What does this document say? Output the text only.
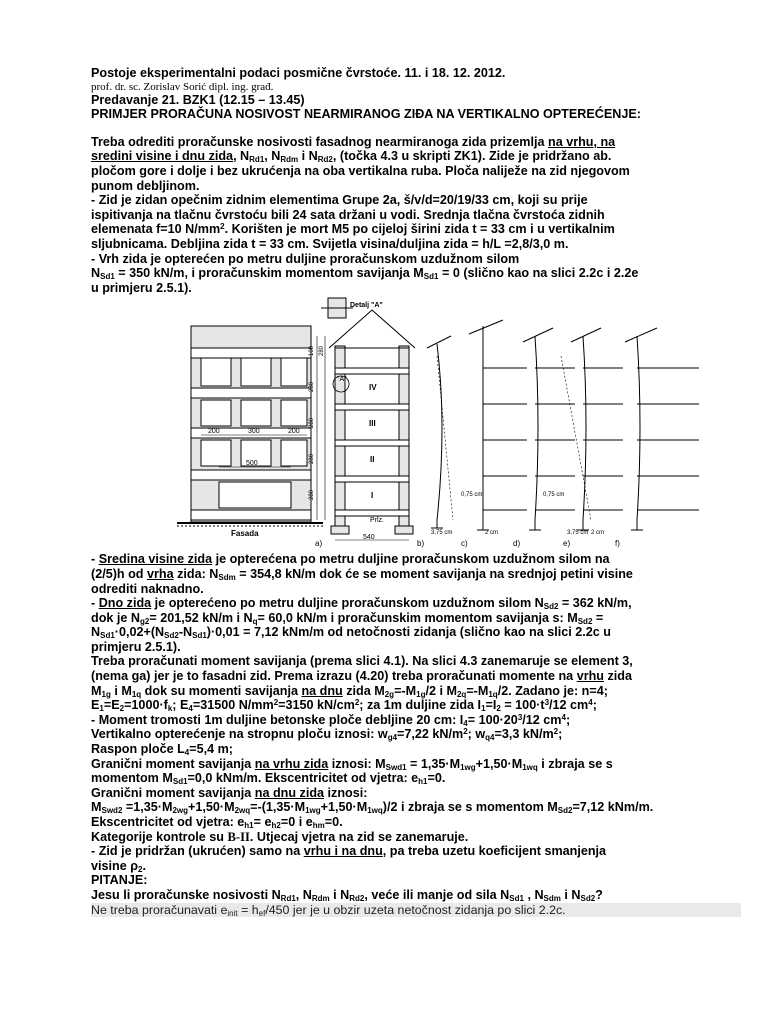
Postoje eksperimentalni podaci posmične čvrstoće. 11. i 18. 12. 2012.
prof. dr. sc. Zorislav Sorić dipl. ing. građ.
Predavanje 21. BZK1 (12.15 – 13.45)
PRIMJER PRORAČUNA NOSIVOST NEARMIRANOG ZIĐA NA VERTIKALNO OPTEREĆENJE:
Treba odrediti proračunske nosivosti fasadnog nearmiranoga zida prizemlja na vrhu, na
sredini visine i dnu zida, $N_{Rd1}$, $N_{Rdm}$ i $N_{Rd2}$, (točka 4.3 u skripti ZK1). Zide je pridržano ab.
pločom gore i dolje i bez ukrućenja na oba vertikalna ruba. Ploča naliježe na zid njegovom
punom debljinom.
- Zid je zidan opečnim zidnim elementima Grupe 2a, š/v/d=20/19/33 cm, koji su prije
ispitivanja na tlačnu čvrstoću bili 24 sata držani u vodi. Srednja tlačna čvrstoća zidnih
elemenata f=10 $N/mm^2$. Korišten je mort M5 po cijeloj širini zida t = 33 cm i u vertikalnim
sljubnicama. Debljina zida t = 33 cm. Svijetla visina/duljina zida = h/L =2,8/3,0 m.
- Vrh zida je opterećen po metru duljine proračunskom uzdužnom silom
$N_{Sd1} = 350$ kN/m, i proračunskim momentom savijanja $M_{Sd1} = 0$ (slično kao na slici 2.2c i 2.2e
u primjeru 2.5.1).
200	300	200
500
Fasada
100
280
280
280
280
280
Detalj "A"
"A"
IV
III
II
I
Prlz.
540
a)
0,75 cm
3,75 cm
0,75 cm
3,75 cm
2 cm	2 cm
b)	c)	d)	e)	f)
- Sredina visine zida je opterećena po metru duljine proračunskom uzdužnom silom na
(2/5)h od vrha zida: $N_{Sdm} = 354,8$ kN/m dok će se moment savijanja na srednjoj petini visine
odrediti naknadno.
- Dno zida je opterećeno po metru duljine proračunskom uzdužnom silom $N_{Sd2} = 362$ kN/m,
dok je $N_{g2}= 201,52$ kN/m i $N_q= 60,0$ kN/m i proračunskim momentom savijanja s: $M_{Sd2}$ =
$N_{Sd1}\cdot 0,02+(N_{Sd2}-N_{Sd1})\cdot 0,01 = 7,12$ kNm/m od netočnosti zidanja (slično kao na slici 2.2c u
primjeru 2.5.1).
Treba proračunati moment savijanja (prema slici 4.1). Na slici 4.3 zanemaruje se element 3,
(nema ga) jer je to fasadni zid. Prema izrazu (4.20) treba proračunati momente na vrhu zida
$M_{1g}$ i $M_{1q}$ dok su momenti savijanja na dnu zida $M_{2g}=-M_{1g}/2$ i $M_{2q}=-M_{1q}/2$. Zadano je: n=4;
$E_1=E_2=1000\cdot f_k$; $E_4=31500$ $N/mm^2=3150$ $kN/cm^2$; za 1m duljine zida $I_1=I_2 = 100\cdot t^3/12$ $cm^4$;
- Moment tromosti 1m duljine betonske ploče debljine 20 cm: $I_4= 100\cdot 20^3/12$ $cm^4$;
Vertikalno opterećenje na stropnu ploču iznosi: $w_{g4}=7,22$ $kN/m^2$; $w_{q4}=3,3$ $kN/m^2$;
Raspon ploče $L_4=5,4$ m;
Granični moment savijanja na vrhu zida iznosi: $M_{Swd1} = 1,35\cdot M_{1wg}+1,50\cdot M_{1wq}$ i zbraja se s
momentom $M_{Sd1}=0,0$ kNm/m. Ekscentricitet od vjetra: $e_{h1}=0$.
Granični moment savijanja na dnu zida iznosi:
$M_{Swd2} =1,35\cdot M_{2wg}+1,50\cdot M_{2wq}=-(1,35\cdot M_{1wg}+1,50\cdot M_{1wq})/2$ i zbraja se s momentom $M_{Sd2}=7,12$ kNm/m.
Ekscentricitet od vjetra: $e_{h1}= e_{h2}=0$ i $e_{hm}=0$.
Kategorije kontrole su B-II. Utjecaj vjetra na zid se zanemaruje.
- Zid je pridržan (ukrućen) samo na vrhu i na dnu, pa treba uzetu koeficijent smanjenja
visine $\rho_2$.
PITANJE:
Jesu li proračunske nosivosti $N_{Rd1}$, $N_{Rdm}$ i $N_{Rd2}$, veće ili manje od sila $N_{Sd1}$ , $N_{Sdm}$ i $N_{Sd2}$?
Ne treba proračunavati $e_{init} = h_{ef}/450$ jer je u obzir uzeta netočnost zidanja po slici 2.2c.
